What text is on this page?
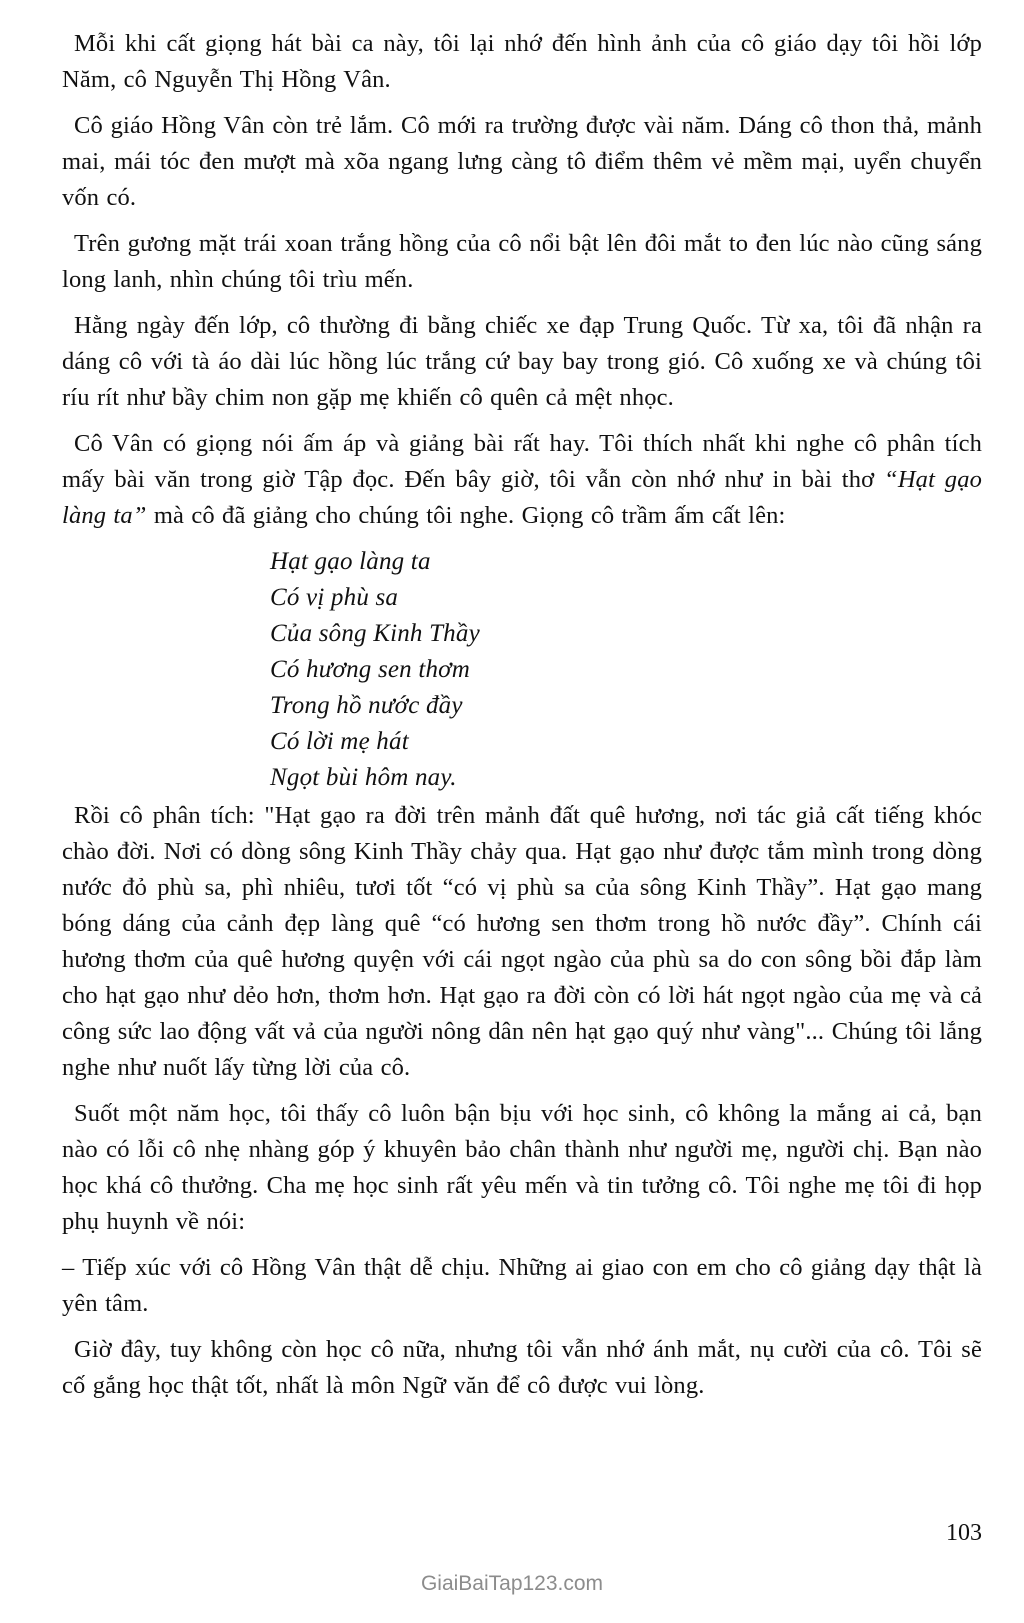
Mỗi khi cất giọng hát bài ca này, tôi lại nhớ đến hình ảnh của cô giáo dạy tôi hồi lớp Năm, cô Nguyễn Thị Hồng Vân.

Cô giáo Hồng Vân còn trẻ lắm. Cô mới ra trường được vài năm. Dáng cô thon thả, mảnh mai, mái tóc đen mượt mà xõa ngang lưng càng tô điểm thêm vẻ mềm mại, uyển chuyển vốn có.

Trên gương mặt trái xoan trắng hồng của cô nổi bật lên đôi mắt to đen lúc nào cũng sáng long lanh, nhìn chúng tôi trìu mến.

Hằng ngày đến lớp, cô thường đi bằng chiếc xe đạp Trung Quốc. Từ xa, tôi đã nhận ra dáng cô với tà áo dài lúc hồng lúc trắng cứ bay bay trong gió. Cô xuống xe và chúng tôi ríu rít như bầy chim non gặp mẹ khiến cô quên cả mệt nhọc.

Cô Vân có giọng nói ấm áp và giảng bài rất hay. Tôi thích nhất khi nghe cô phân tích mấy bài văn trong giờ Tập đọc. Đến bây giờ, tôi vẫn còn nhớ như in bài thơ “Hạt gạo làng ta” mà cô đã giảng cho chúng tôi nghe. Giọng cô trầm ấm cất lên:

Hạt gạo làng ta
Có vị phù sa
Của sông Kinh Thầy
Có hương sen thơm
Trong hồ nước đầy
Có lời mẹ hát
Ngọt bùi hôm nay.

Rồi cô phân tích: "Hạt gạo ra đời trên mảnh đất quê hương, nơi tác giả cất tiếng khóc chào đời. Nơi có dòng sông Kinh Thầy chảy qua. Hạt gạo như được tắm mình trong dòng nước đỏ phù sa, phì nhiêu, tươi tốt “có vị phù sa của sông Kinh Thầy”. Hạt gạo mang bóng dáng của cảnh đẹp làng quê “có hương sen thơm trong hồ nước đầy”. Chính cái hương thơm của quê hương quyện với cái ngọt ngào của phù sa do con sông bồi đắp làm cho hạt gạo như dẻo hơn, thơm hơn. Hạt gạo ra đời còn có lời hát ngọt ngào của mẹ và cả công sức lao động vất vả của người nông dân nên hạt gạo quý như vàng"... Chúng tôi lắng nghe như nuốt lấy từng lời của cô.

Suốt một năm học, tôi thấy cô luôn bận bịu với học sinh, cô không la mắng ai cả, bạn nào có lỗi cô nhẹ nhàng góp ý khuyên bảo chân thành như người mẹ, người chị. Bạn nào học khá cô thưởng. Cha mẹ học sinh rất yêu mến và tin tưởng cô. Tôi nghe mẹ tôi đi họp phụ huynh về nói:

– Tiếp xúc với cô Hồng Vân thật dễ chịu. Những ai giao con em cho cô giảng dạy thật là yên tâm.

Giờ đây, tuy không còn học cô nữa, nhưng tôi vẫn nhớ ánh mắt, nụ cười của cô. Tôi sẽ cố gắng học thật tốt, nhất là môn Ngữ văn để cô được vui lòng.

103
GiaiBaiTap123.com
